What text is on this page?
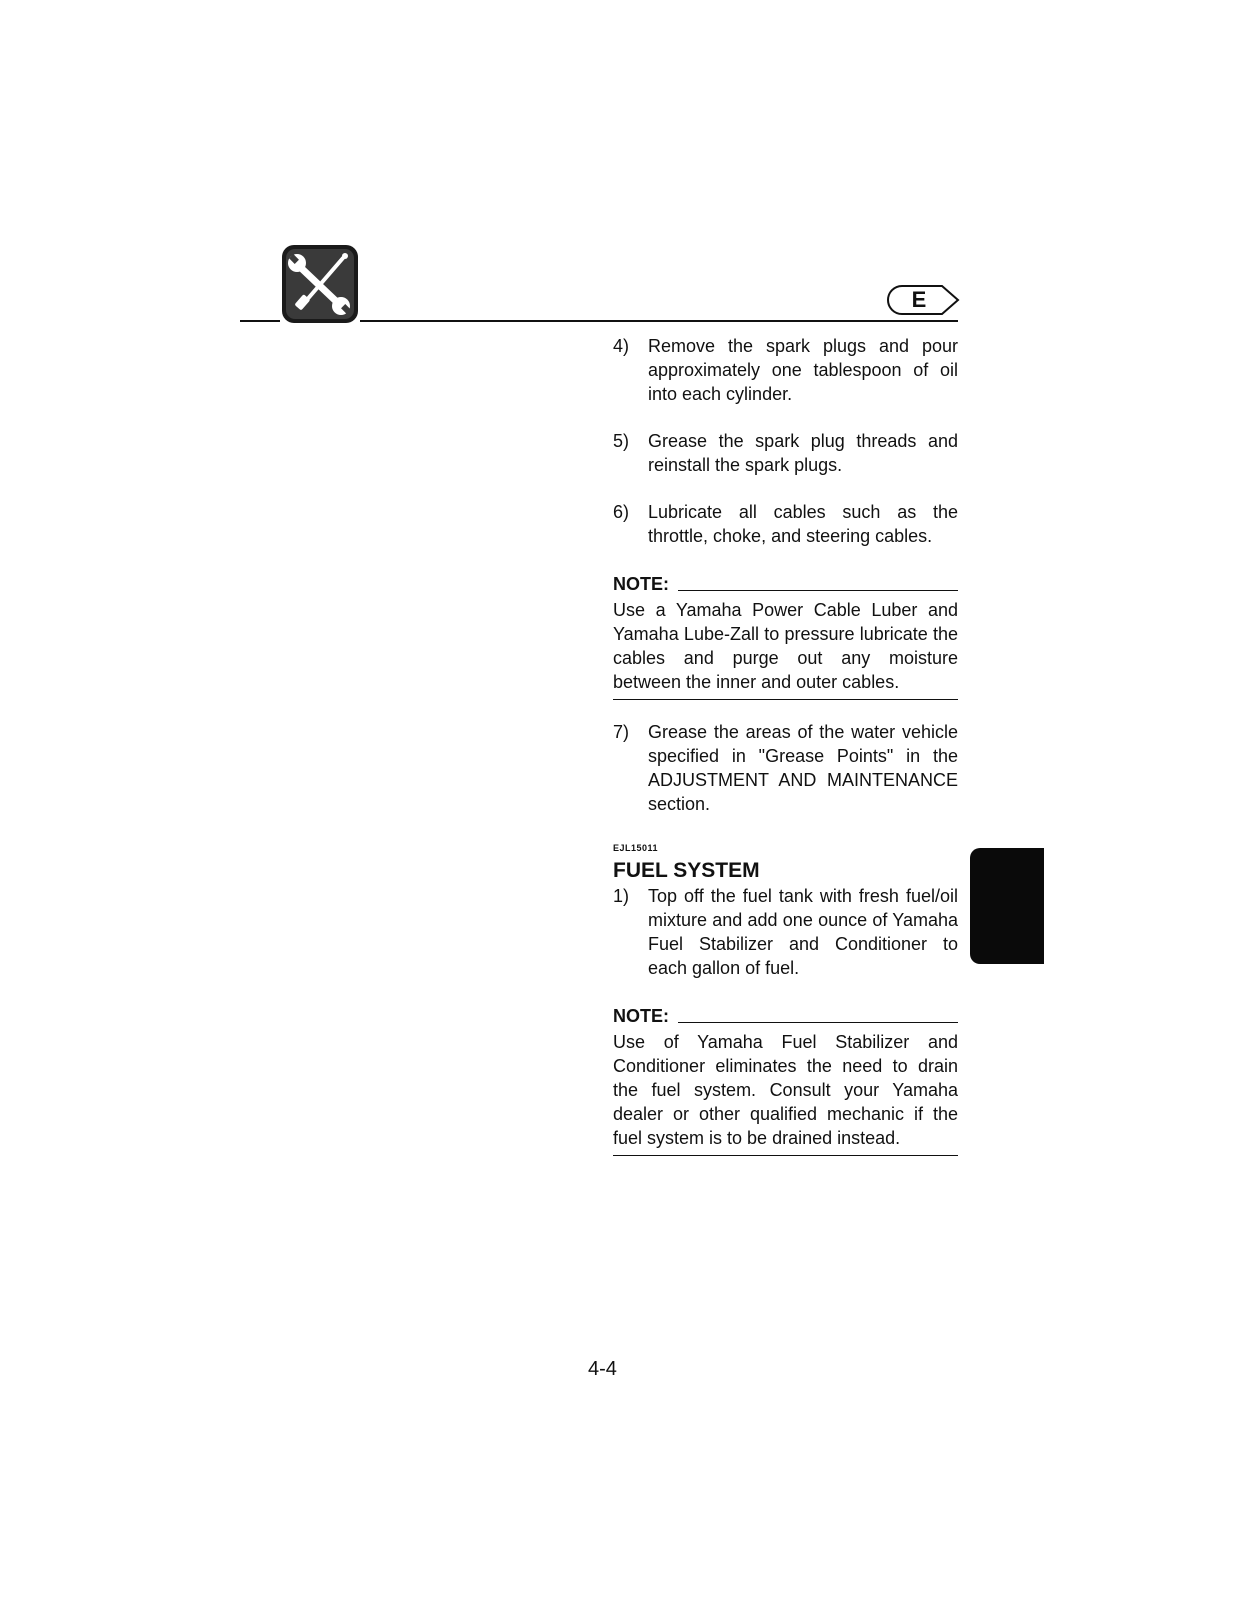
E
4) Remove the spark plugs and pour approximately one tablespoon of oil into each cylinder.
5) Grease the spark plug threads and reinstall the spark plugs.
6) Lubricate all cables such as the throttle, choke, and steering cables.
NOTE:
Use a Yamaha Power Cable Luber and Yamaha Lube-Zall to pressure lubricate the cables and purge out any moisture between the inner and outer cables.
7) Grease the areas of the water vehicle specified in "Grease Points" in the ADJUSTMENT AND MAINTENANCE section.
EJL15011
FUEL SYSTEM
1) Top off the fuel tank with fresh fuel/oil mixture and add one ounce of Yamaha Fuel Stabilizer and Conditioner to each gallon of fuel.
NOTE:
Use of Yamaha Fuel Stabilizer and Conditioner eliminates the need to drain the fuel system. Consult your Yamaha dealer or other qualified mechanic if the fuel system is to be drained instead.
4-4
